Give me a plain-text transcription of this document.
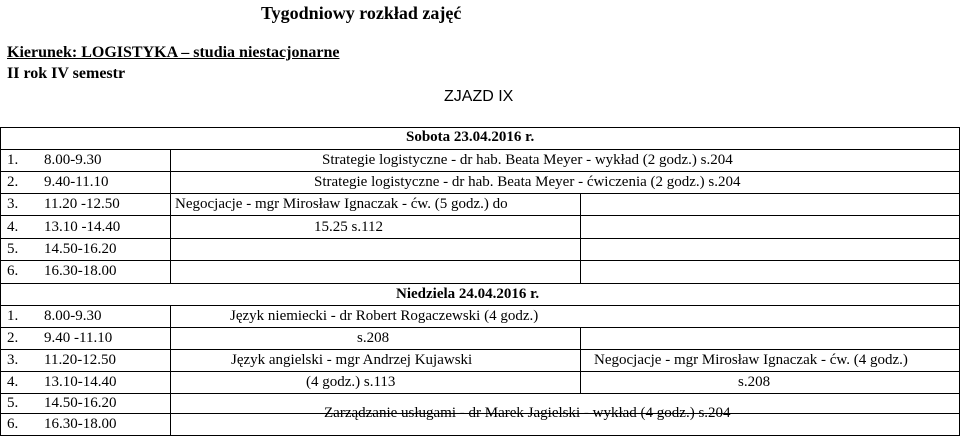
Tygodniowy rozkład zajęć
Kierunek: LOGISTYKA – studia niestacjonarne
II rok IV semestr
ZJAZD IX
Sobota 23.04.2016 r.
1. 8.00-9.30
2. 9.40-11.10
3. 11.20 -12.50
4. 13.10 -14.40
5. 14.50-16.20
6. 16.30-18.00
Strategie logistyczne - dr hab. Beata Meyer - wykład (2 godz.) s.204
Strategie logistyczne - dr hab. Beata Meyer - ćwiczenia (2 godz.) s.204
Negocjacje - mgr Mirosław Ignaczak - ćw. (5 godz.) do
15.25 s.112
Niedziela 24.04.2016 r.
1. 8.00-9.30
2. 9.40 -11.10
3. 11.20-12.50
4. 13.10-14.40
5. 14.50-16.20
6. 16.30-18.00
Język niemiecki - dr Robert Rogaczewski (4 godz.)
s.208
Język angielski - mgr Andrzej Kujawski
(4 godz.) s.113
Negocjacje - mgr Mirosław Ignaczak - ćw. (4 godz.)
s.208
Zarządzanie usługami - dr Marek Jagielski - wykład (4 godz.) s.204
